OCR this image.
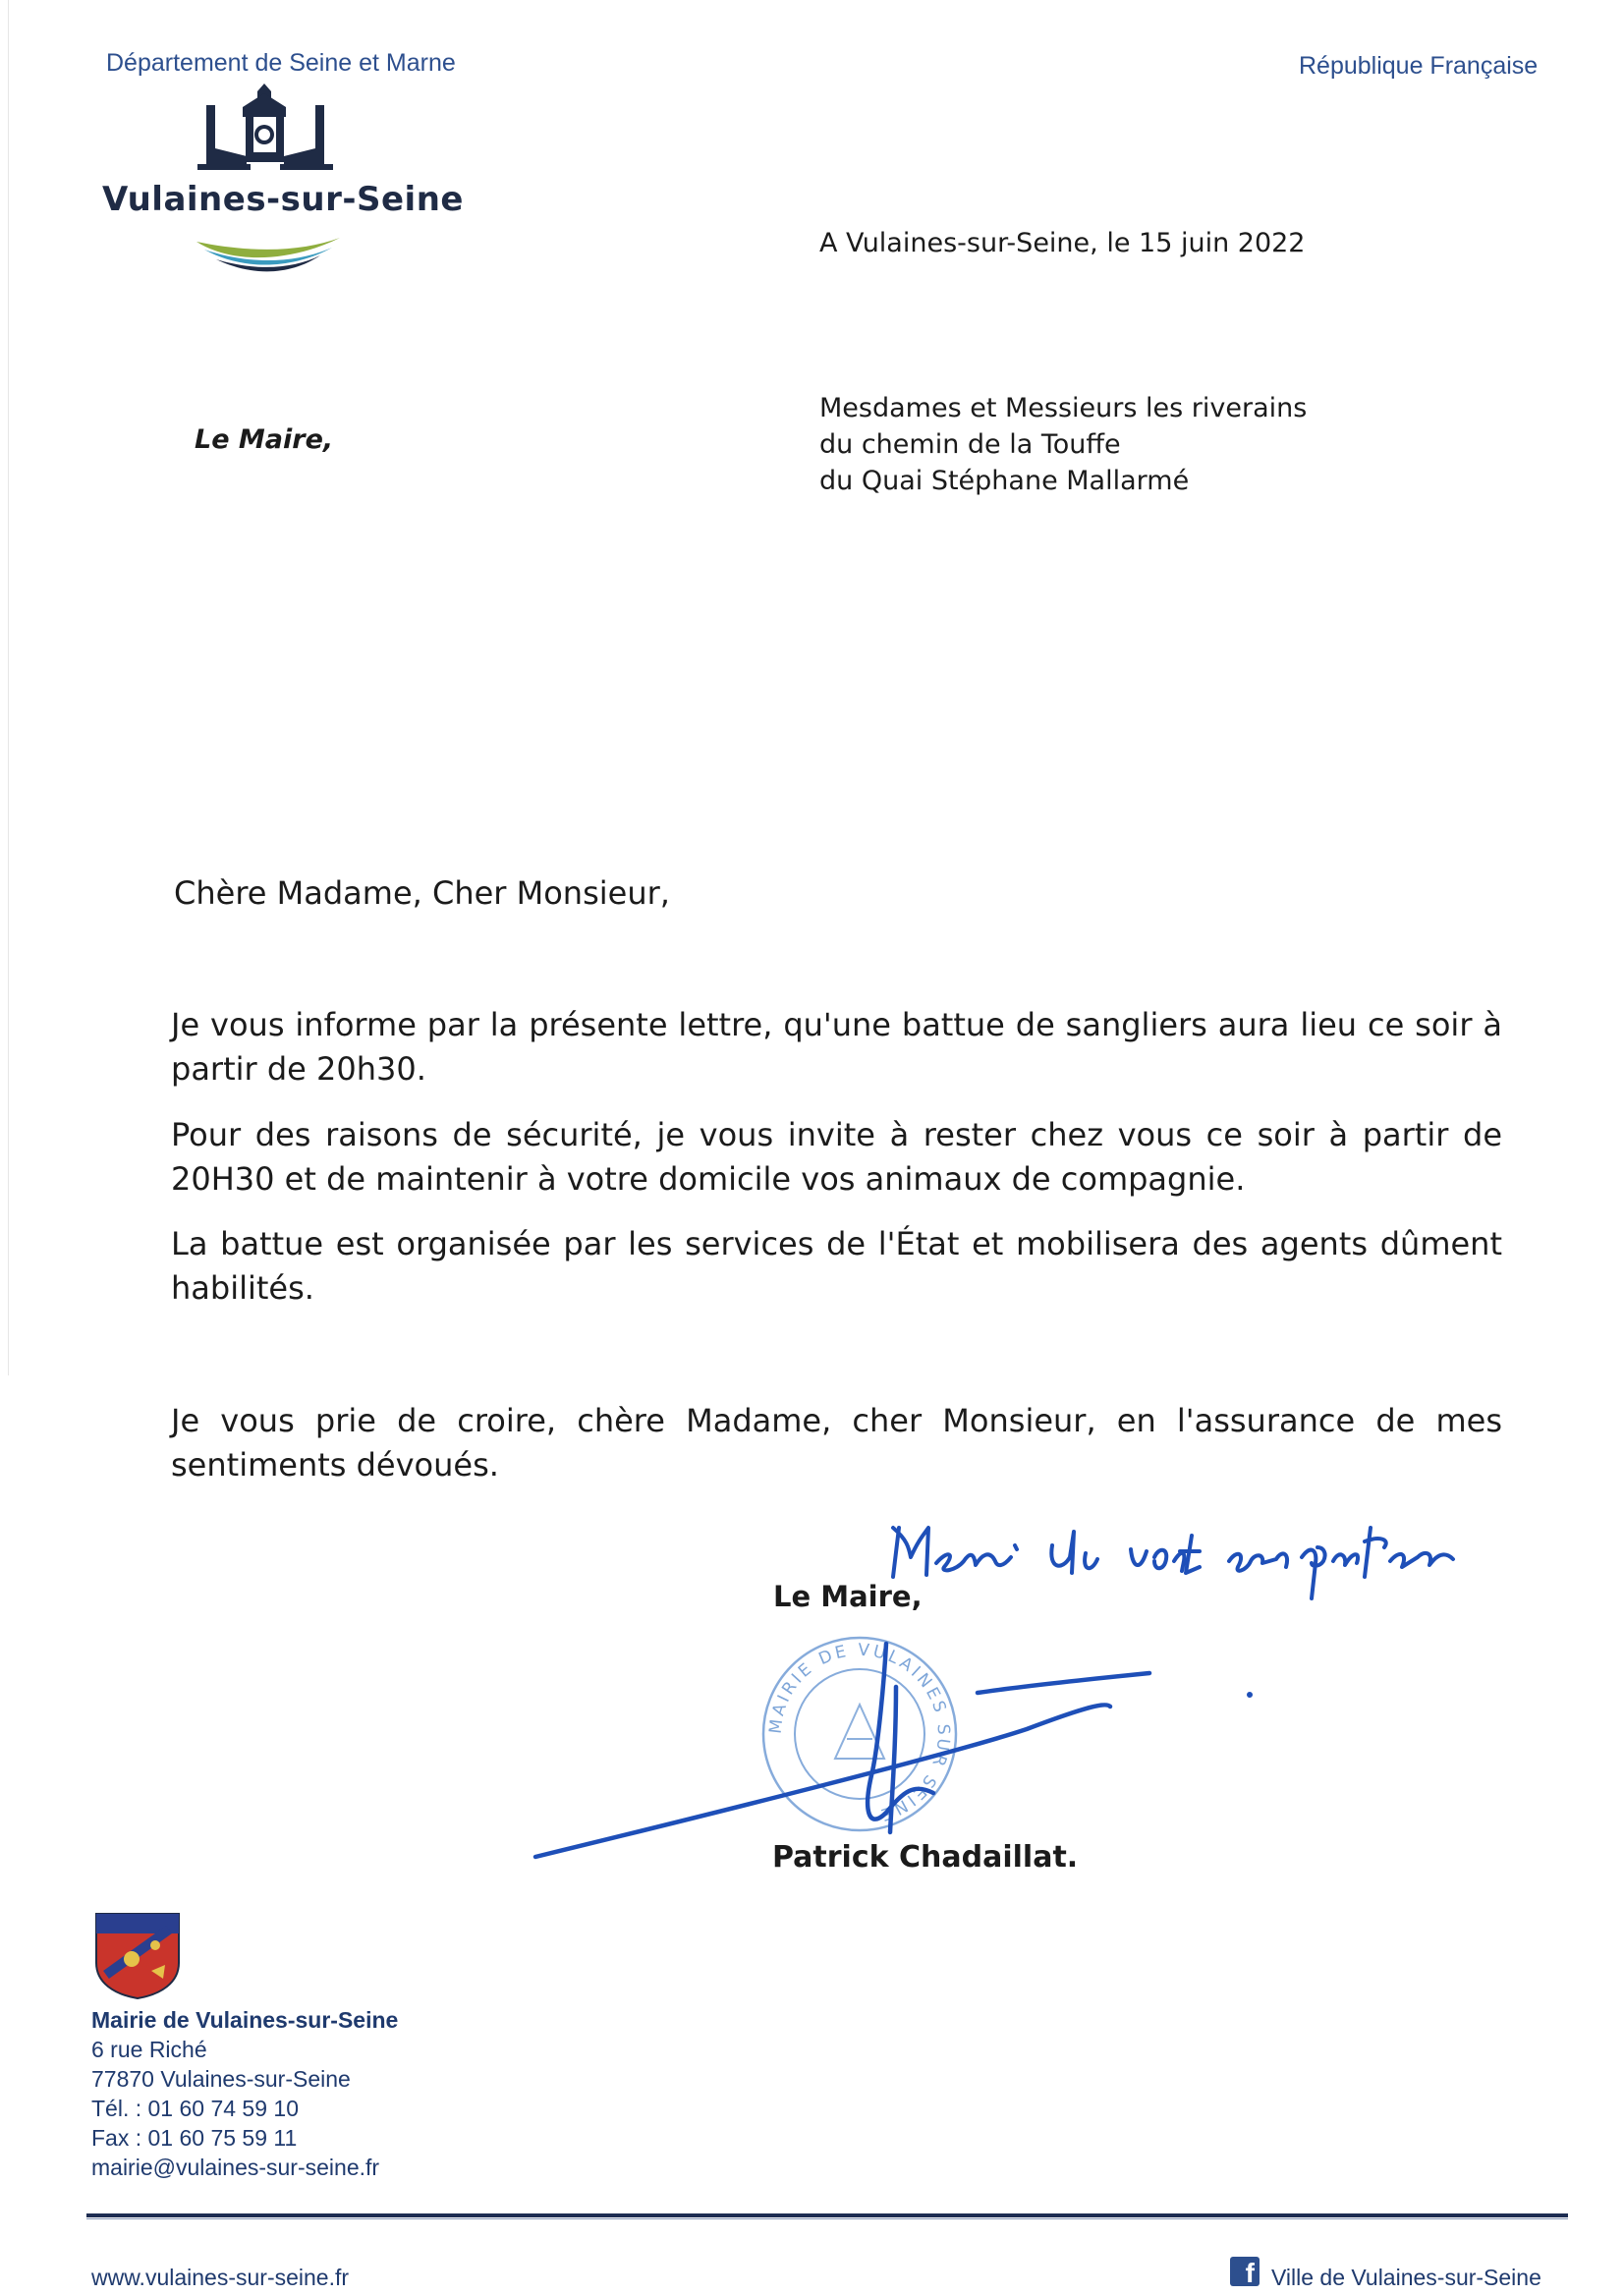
Département de Seine et Marne	République Française
Vulaines-sur-Seine
A Vulaines-sur-Seine, le 15 juin 2022
Le Maire,
Mesdames et Messieurs les riverains
du chemin de la Touffe
du Quai Stéphane Mallarmé
Chère Madame, Cher Monsieur,
Je vous informe par la présente lettre, qu'une battue de sangliers aura lieu ce soir à partir de 20h30.
Pour des raisons de sécurité, je vous invite à rester chez vous ce soir à partir de 20H30 et de maintenir à votre domicile vos animaux de compagnie.
La battue est organisée par les services de l'État et mobilisera des agents dûment habilités.
Je vous prie de croire, chère Madame, cher Monsieur, en l'assurance de mes sentiments dévoués.
MAIRIE DE VULAINES SUR SEINE
Le Maire,
Patrick Chadaillat.
Mairie de Vulaines-sur-Seine
6 rue Riché
77870 Vulaines-sur-Seine
Tél. : 01 60 74 59 10
Fax : 01 60 75 59 11
mairie@vulaines-sur-seine.fr
www.vulaines-sur-seine.fr	f Ville de Vulaines-sur-Seine
